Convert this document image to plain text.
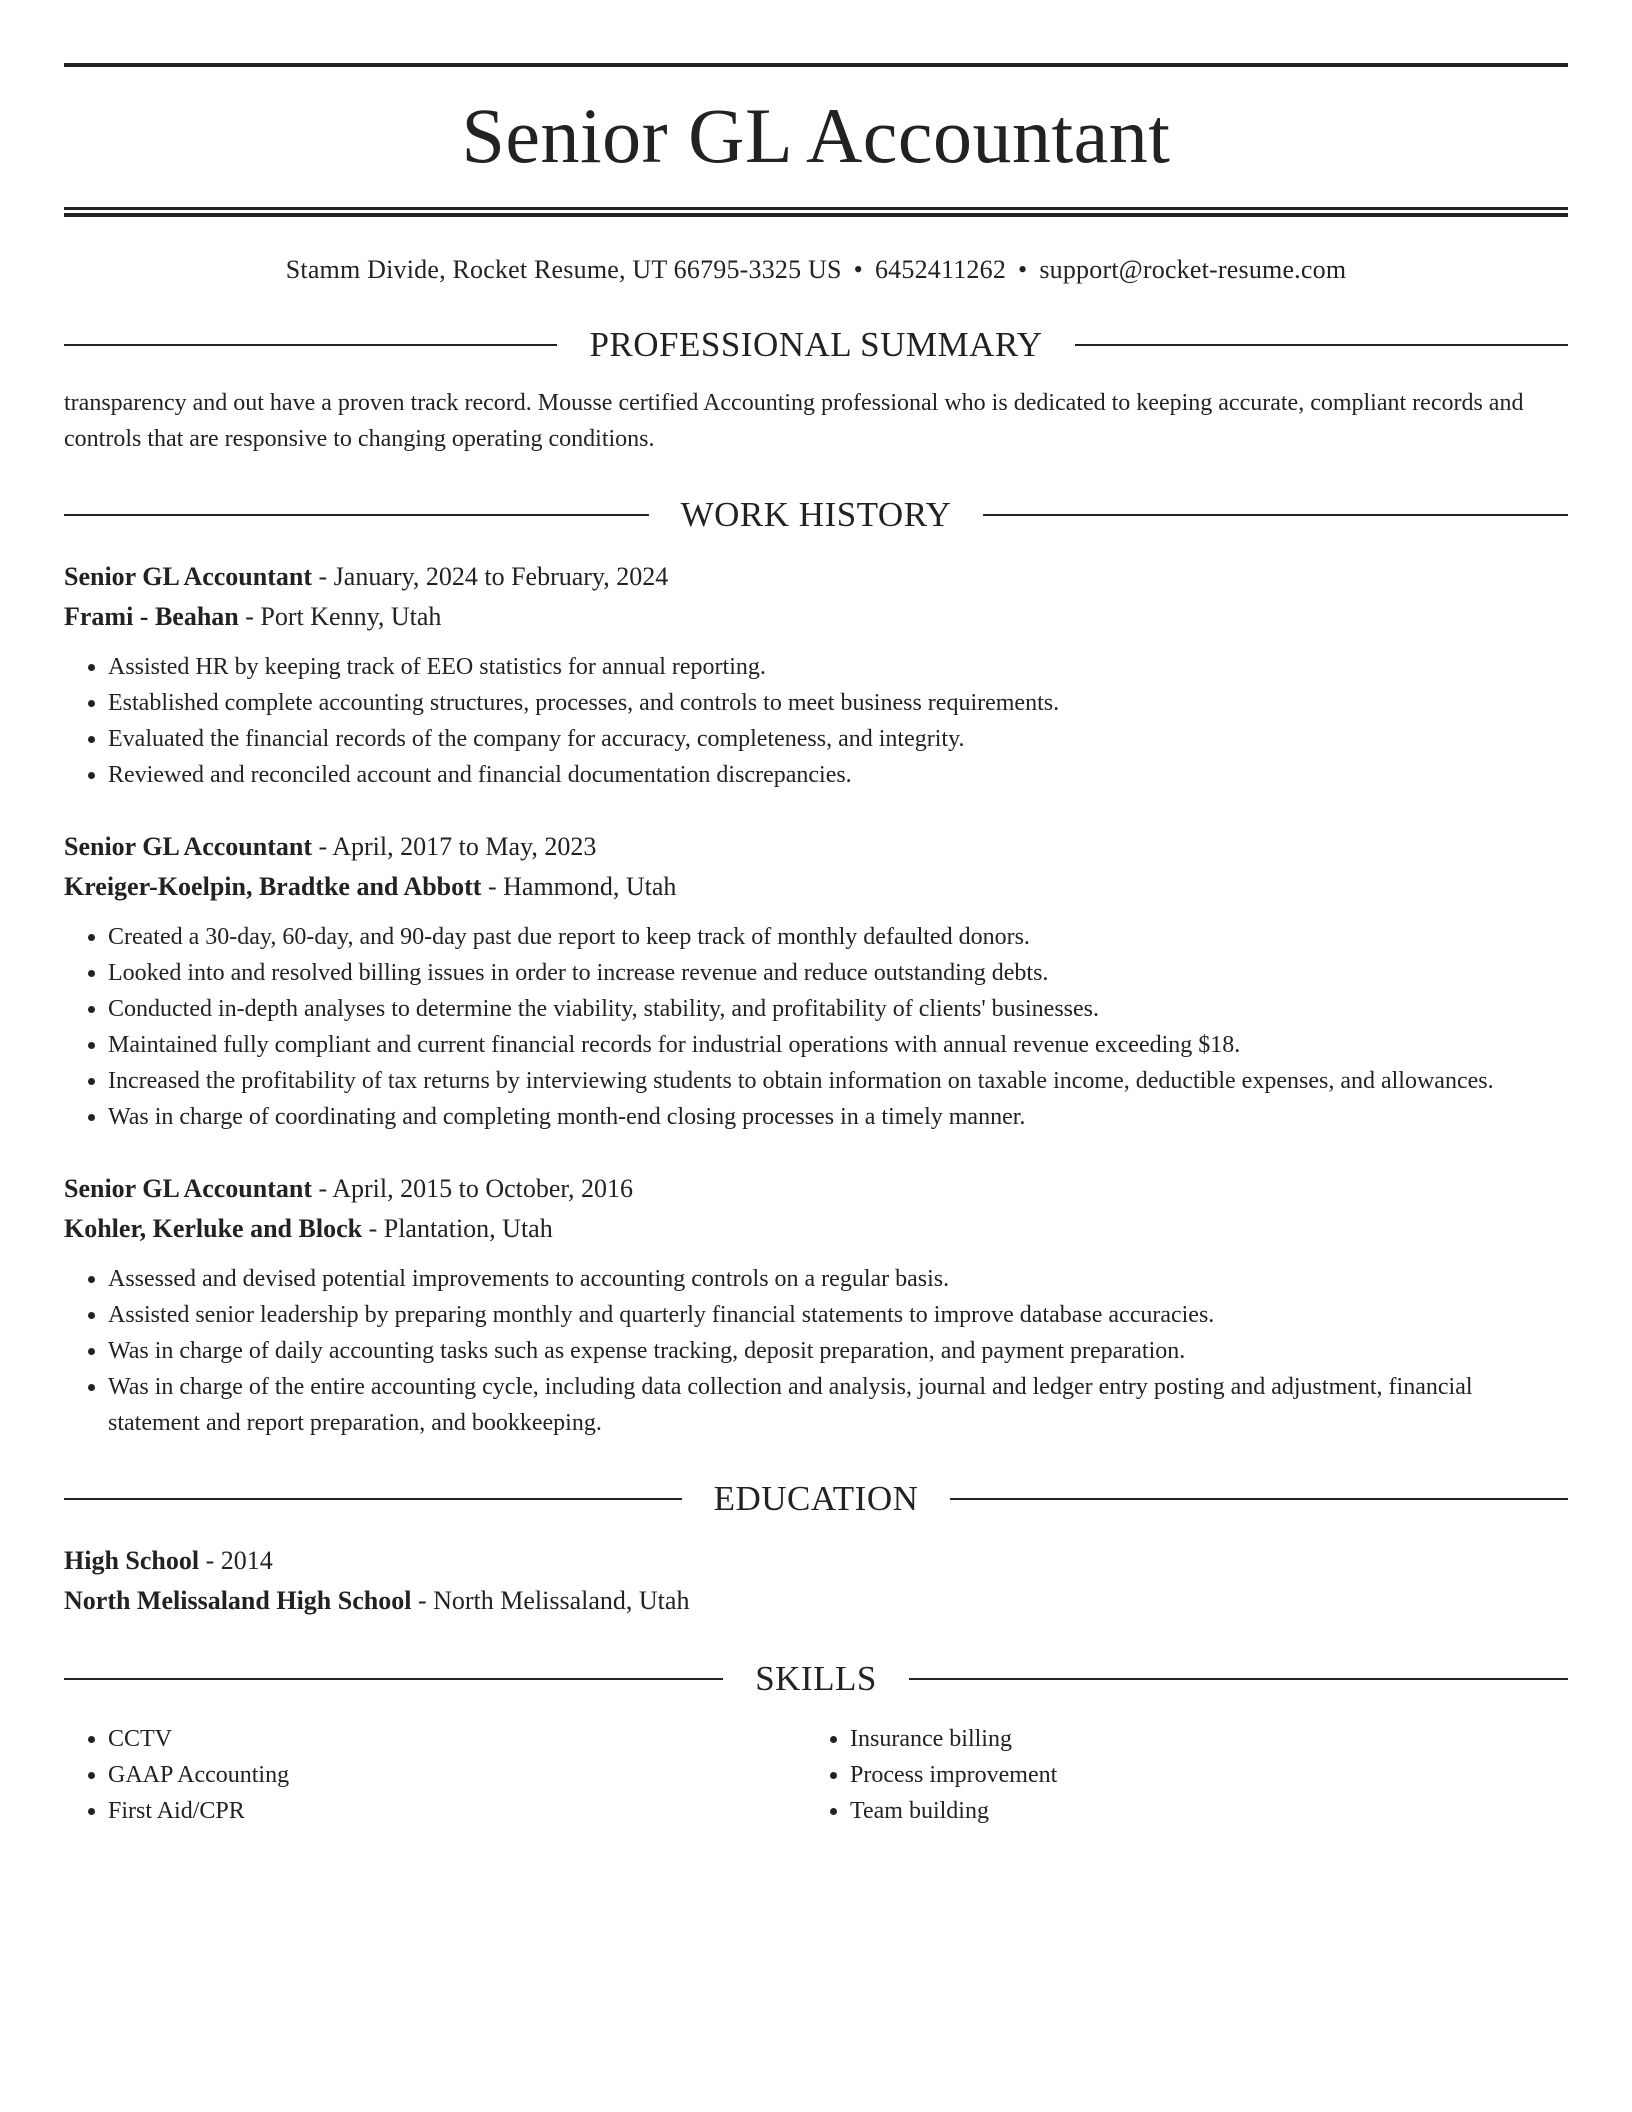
Senior GL Accountant
Stamm Divide, Rocket Resume, UT 66795-3325 US • 6452411262 • support@rocket-resume.com
PROFESSIONAL SUMMARY
transparency and out have a proven track record. Mousse certified Accounting professional who is dedicated to keeping accurate, compliant records and controls that are responsive to changing operating conditions.
WORK HISTORY
Senior GL Accountant - January, 2024 to February, 2024
Frami - Beahan - Port Kenny, Utah
• Assisted HR by keeping track of EEO statistics for annual reporting.
• Established complete accounting structures, processes, and controls to meet business requirements.
• Evaluated the financial records of the company for accuracy, completeness, and integrity.
• Reviewed and reconciled account and financial documentation discrepancies.
Senior GL Accountant - April, 2017 to May, 2023
Kreiger-Koelpin, Bradtke and Abbott - Hammond, Utah
• Created a 30-day, 60-day, and 90-day past due report to keep track of monthly defaulted donors.
• Looked into and resolved billing issues in order to increase revenue and reduce outstanding debts.
• Conducted in-depth analyses to determine the viability, stability, and profitability of clients' businesses.
• Maintained fully compliant and current financial records for industrial operations with annual revenue exceeding $18.
• Increased the profitability of tax returns by interviewing students to obtain information on taxable income, deductible expenses, and allowances.
• Was in charge of coordinating and completing month-end closing processes in a timely manner.
Senior GL Accountant - April, 2015 to October, 2016
Kohler, Kerluke and Block - Plantation, Utah
• Assessed and devised potential improvements to accounting controls on a regular basis.
• Assisted senior leadership by preparing monthly and quarterly financial statements to improve database accuracies.
• Was in charge of daily accounting tasks such as expense tracking, deposit preparation, and payment preparation.
• Was in charge of the entire accounting cycle, including data collection and analysis, journal and ledger entry posting and adjustment, financial statement and report preparation, and bookkeeping.
EDUCATION
High School - 2014
North Melissaland High School - North Melissaland, Utah
SKILLS
• CCTV
• GAAP Accounting
• First Aid/CPR
• Insurance billing
• Process improvement
• Team building
